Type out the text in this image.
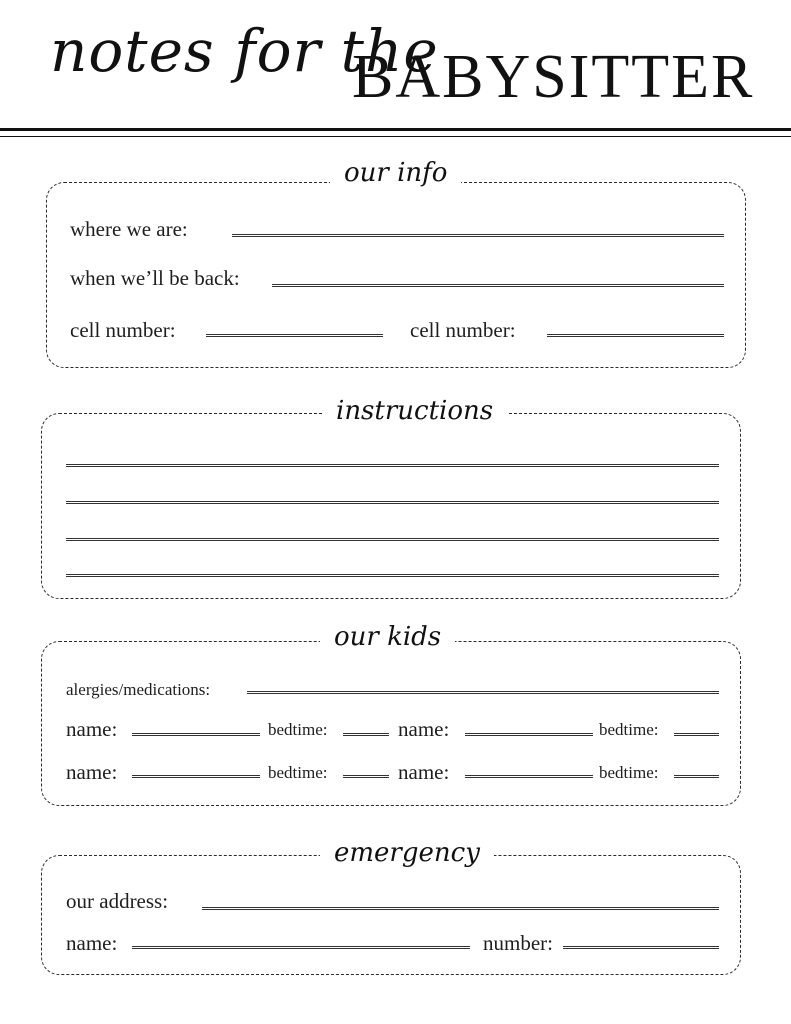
notes for the
BABYSITTER
our info
where we are:
when we’ll be back:
cell number:	cell number:
instructions
our kids
alergies/medications:
name:	bedtime:	name:	bedtime:
name:	bedtime:	name:	bedtime:
emergency
our address:
name:	number:
